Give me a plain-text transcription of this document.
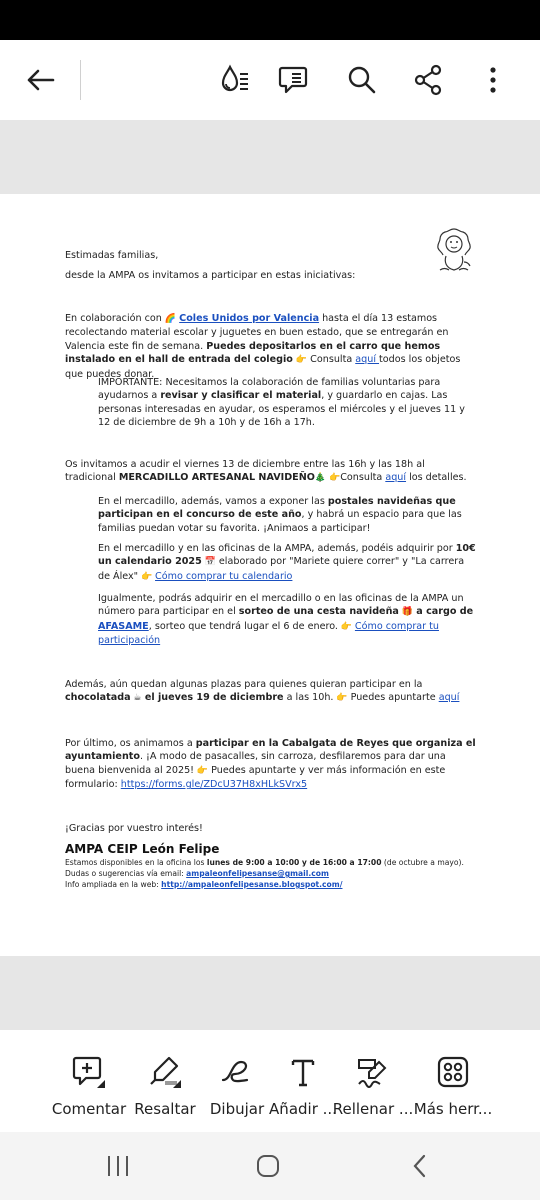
Estimadas familias,

desde la AMPA os invitamos a participar en estas iniciativas:

En colaboración con 🌈 Coles Unidos por Valencia hasta el día 13 estamos recolectando material escolar y juguetes en buen estado, que se entregarán en Valencia este fin de semana. Puedes depositarlos en el carro que hemos instalado en el hall de entrada del colegio 👉 Consulta aquí todos los objetos que puedes donar.

IMPORTANTE: Necesitamos la colaboración de familias voluntarias para ayudarnos a revisar y clasificar el material, y guardarlo en cajas. Las personas interesadas en ayudar, os esperamos el miércoles y el jueves 11 y 12 de diciembre de 9h a 10h y de 16h a 17h.

Os invitamos a acudir el viernes 13 de diciembre entre las 16h y las 18h al tradicional MERCADILLO ARTESANAL NAVIDEÑO🎄 👉Consulta aquí los detalles.

En el mercadillo, además, vamos a exponer las postales navideñas que participan en el concurso de este año, y habrá un espacio para que las familias puedan votar su favorita. ¡Animaos a participar!

En el mercadillo y en las oficinas de la AMPA, además, podéis adquirir por 10€ un calendario 2025 📅 elaborado por "Mariete quiere correr" y "La carrera de Álex" 👉 Cómo comprar tu calendario

Igualmente, podrás adquirir en el mercadillo o en las oficinas de la AMPA un número para participar en el sorteo de una cesta navideña 🎁 a cargo de AFASAME, sorteo que tendrá lugar el 6 de enero. 👉 Cómo comprar tu participación

Además, aún quedan algunas plazas para quienes quieran participar en la chocolatada ☕ el jueves 19 de diciembre a las 10h. 👉 Puedes apuntarte aquí

Por último, os animamos a participar en la Cabalgata de Reyes que organiza el ayuntamiento. ¡A modo de pasacalles, sin carroza, desfilaremos para dar una buena bienvenida al 2025! 👉 Puedes apuntarte y ver más información en este formulario: https://forms.gle/ZDcU37H8xHLkSVrx5

¡Gracias por vuestro interés!

AMPA CEIP León Felipe
Estamos disponibles en la oficina los lunes de 9:00 a 10:00 y de 16:00 a 17:00 (de octubre a mayo).
Dudas o sugerencias vía email: ampaleonfelipesanse@gmail.com
Info ampliada en la web: http://ampaleonfelipesanse.blogspot.com/
Comentar Resaltar Dibujar Añadir ...
Rellenar ... Más herr...
